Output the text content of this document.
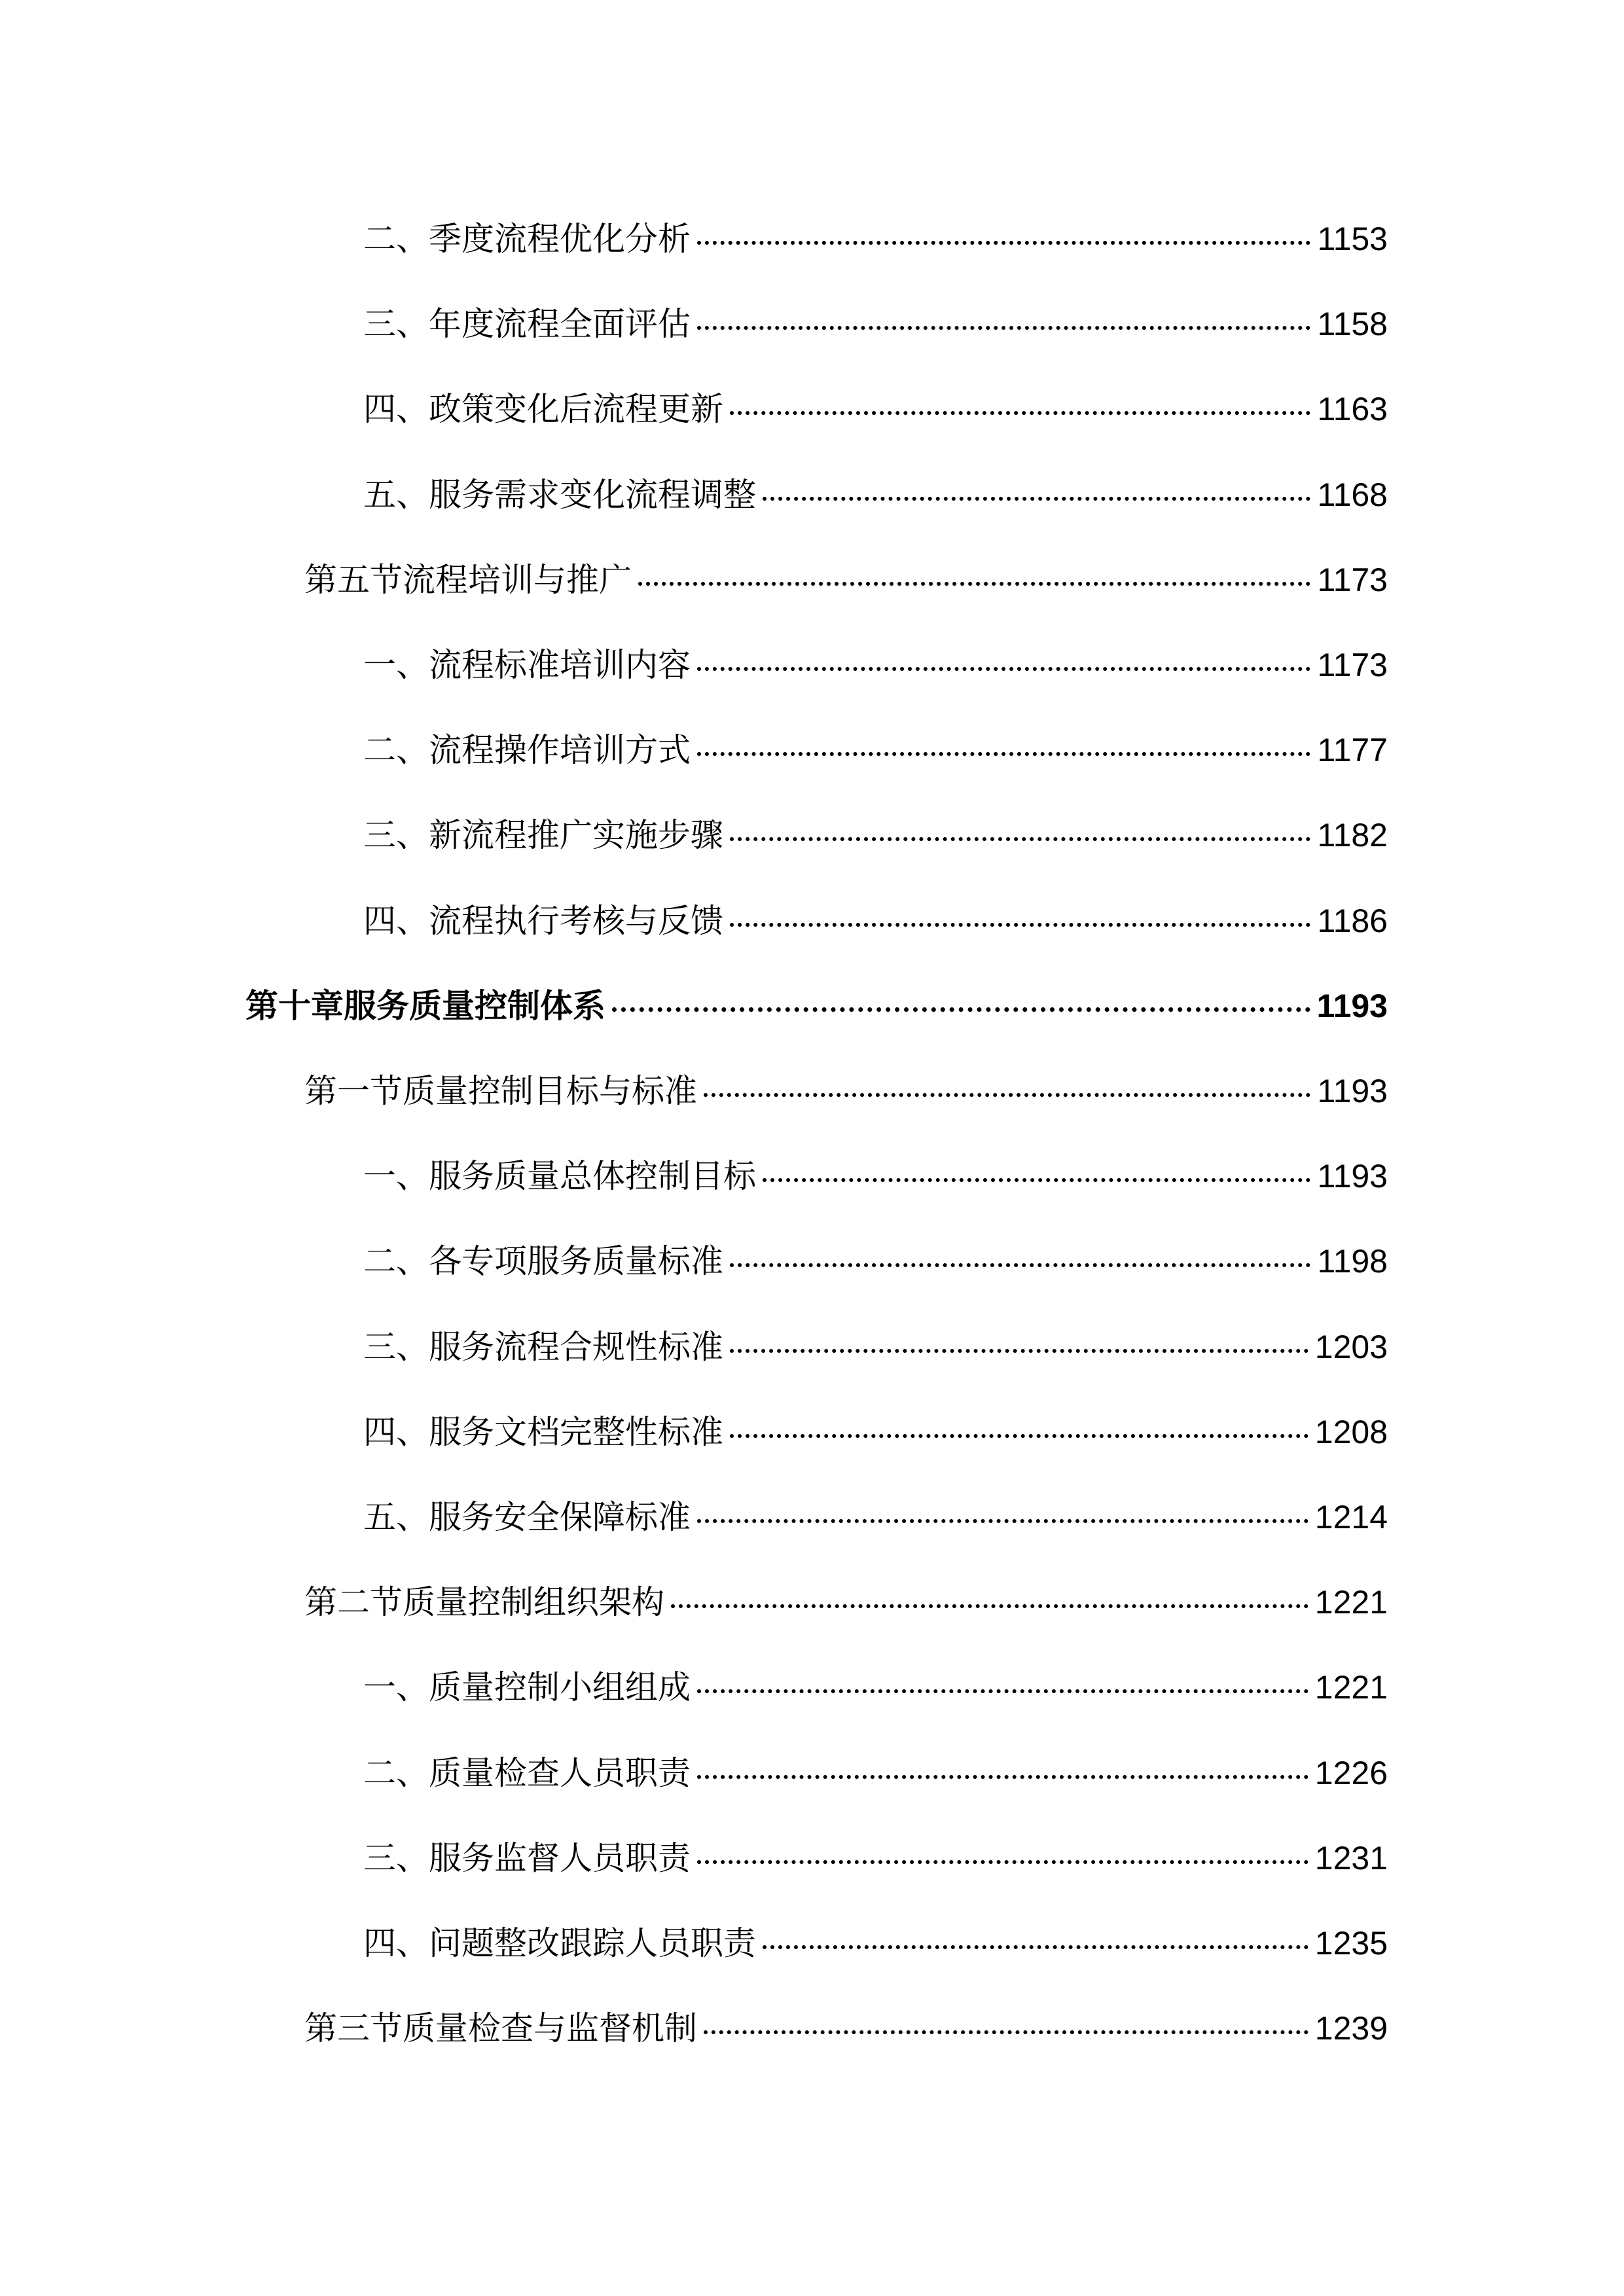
二、季度流程优化分析	1153
三、年度流程全面评估	1158
四、政策变化后流程更新	1163
五、服务需求变化流程调整	1168
第五节流程培训与推广	1173
一、流程标准培训内容	1173
二、流程操作培训方式	1177
三、新流程推广实施步骤	1182
四、流程执行考核与反馈	1186
第十章服务质量控制体系	1193
第一节质量控制目标与标准	1193
一、服务质量总体控制目标	1193
二、各专项服务质量标准	1198
三、服务流程合规性标准	1203
四、服务文档完整性标准	1208
五、服务安全保障标准	1214
第二节质量控制组织架构	1221
一、质量控制小组组成	1221
二、质量检查人员职责	1226
三、服务监督人员职责	1231
四、问题整改跟踪人员职责	1235
第三节质量检查与监督机制	1239
